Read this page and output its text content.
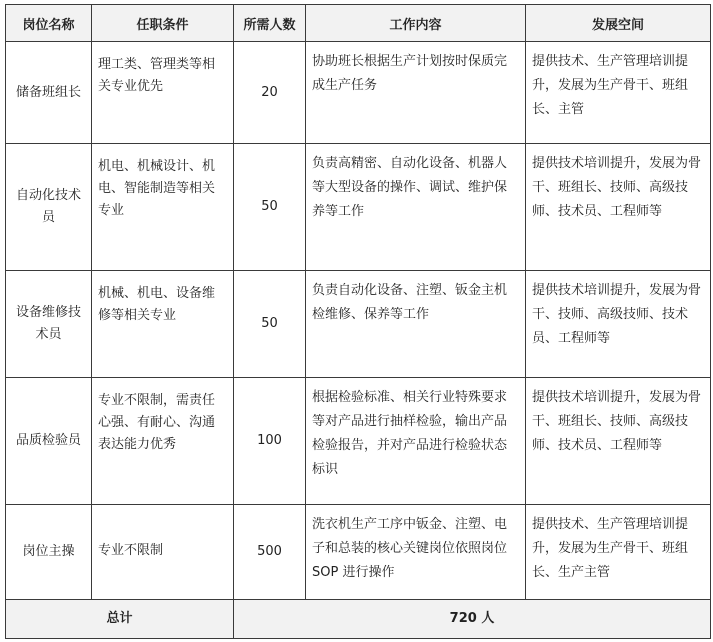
岗位名称	任职条件	所需人数	工作内容	发展空间
储备班组长	理工类、管理类等相关专业优先	20	协助班长根据生产计划按时保质完成生产任务	提供技术、生产管理培训提升，发展为生产骨干、班组长、主管
自动化技术员	机电、机械设计、机电、智能制造等相关专业	50	负责高精密、自动化设备、机器人等大型设备的操作、调试、维护保养等工作	提供技术培训提升，发展为骨干、班组长、技师、高级技师、技术员、工程师等
设备维修技术员	机械、机电、设备维修等相关专业	50	负责自动化设备、注塑、钣金主机检维修、保养等工作	提供技术培训提升，发展为骨干、技师、高级技师、技术员、工程师等
品质检验员	专业不限制，需责任心强、有耐心、沟通表达能力优秀	100	根据检验标准、相关行业特殊要求等对产品进行抽样检验，输出产品检验报告，并对产品进行检验状态标识	提供技术培训提升，发展为骨干、班组长、技师、高级技师、技术员、工程师等
岗位主操	专业不限制	500	洗衣机生产工序中钣金、注塑、电子和总装的核心关键岗位依照岗位 SOP 进行操作	提供技术、生产管理培训提升，发展为生产骨干、班组长、生产主管
总计		720 人		
